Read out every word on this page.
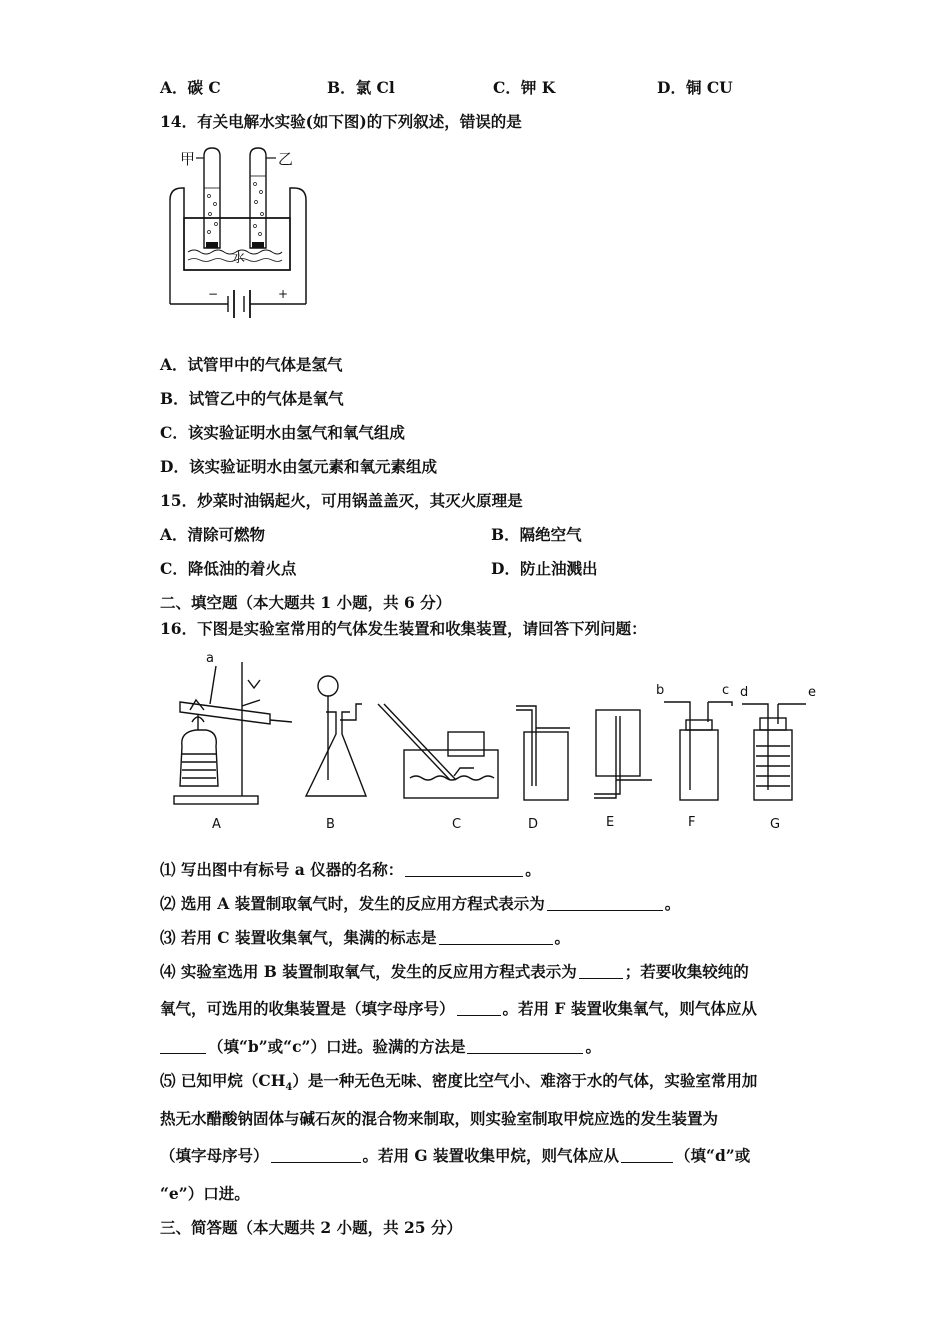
A．碳 C	B．氯 Cl	C．钾 K	D．铜 CU
14．有关电解水实验(如下图)的下列叙述，错误的是
甲	乙
水
−	+
A．试管甲中的气体是氢气
B．试管乙中的气体是氧气
C．该实验证明水由氢气和氧气组成
D．该实验证明水由氢元素和氧元素组成
15．炒菜时油锅起火，可用锅盖盖灭，其灭火原理是
A．清除可燃物	B．隔绝空气
C．降低油的着火点	D．防止油溅出
二、填空题（本大题共 1 小题，共 6 分）
16．下图是实验室常用的气体发生装置和收集装置，请回答下列问题：
a
b	c d	e
A	B	C	D	E	F	G
⑴ 写出图中有标号 a 仪器的名称：	。
⑵ 选用 A 装置制取氧气时，发生的反应用方程式表示为	。
⑶ 若用 C 装置收集氧气，集满的标志是	。
⑷ 实验室选用 B 装置制取氧气，发生的反应用方程式表示为	；若要收集较纯的
氧气，可选用的收集装置是（填字母序号）	。若用 F 装置收集氧气，则气体应从
（填“b”或“c”）口进。验满的方法是	。
⑸ 已知甲烷$(CH_4)$是一种无色无味、密度比空气小、难溶于水的气体，实验室常用加
热无水醋酸钠固体与碱石灰的混合物来制取，则实验室制取甲烷应选的发生装置为
（填字母序号）	。若用 G 装置收集甲烷，则气体应从	（填“d”或
“e”）口进。
三、简答题（本大题共 2 小题，共 25 分）
